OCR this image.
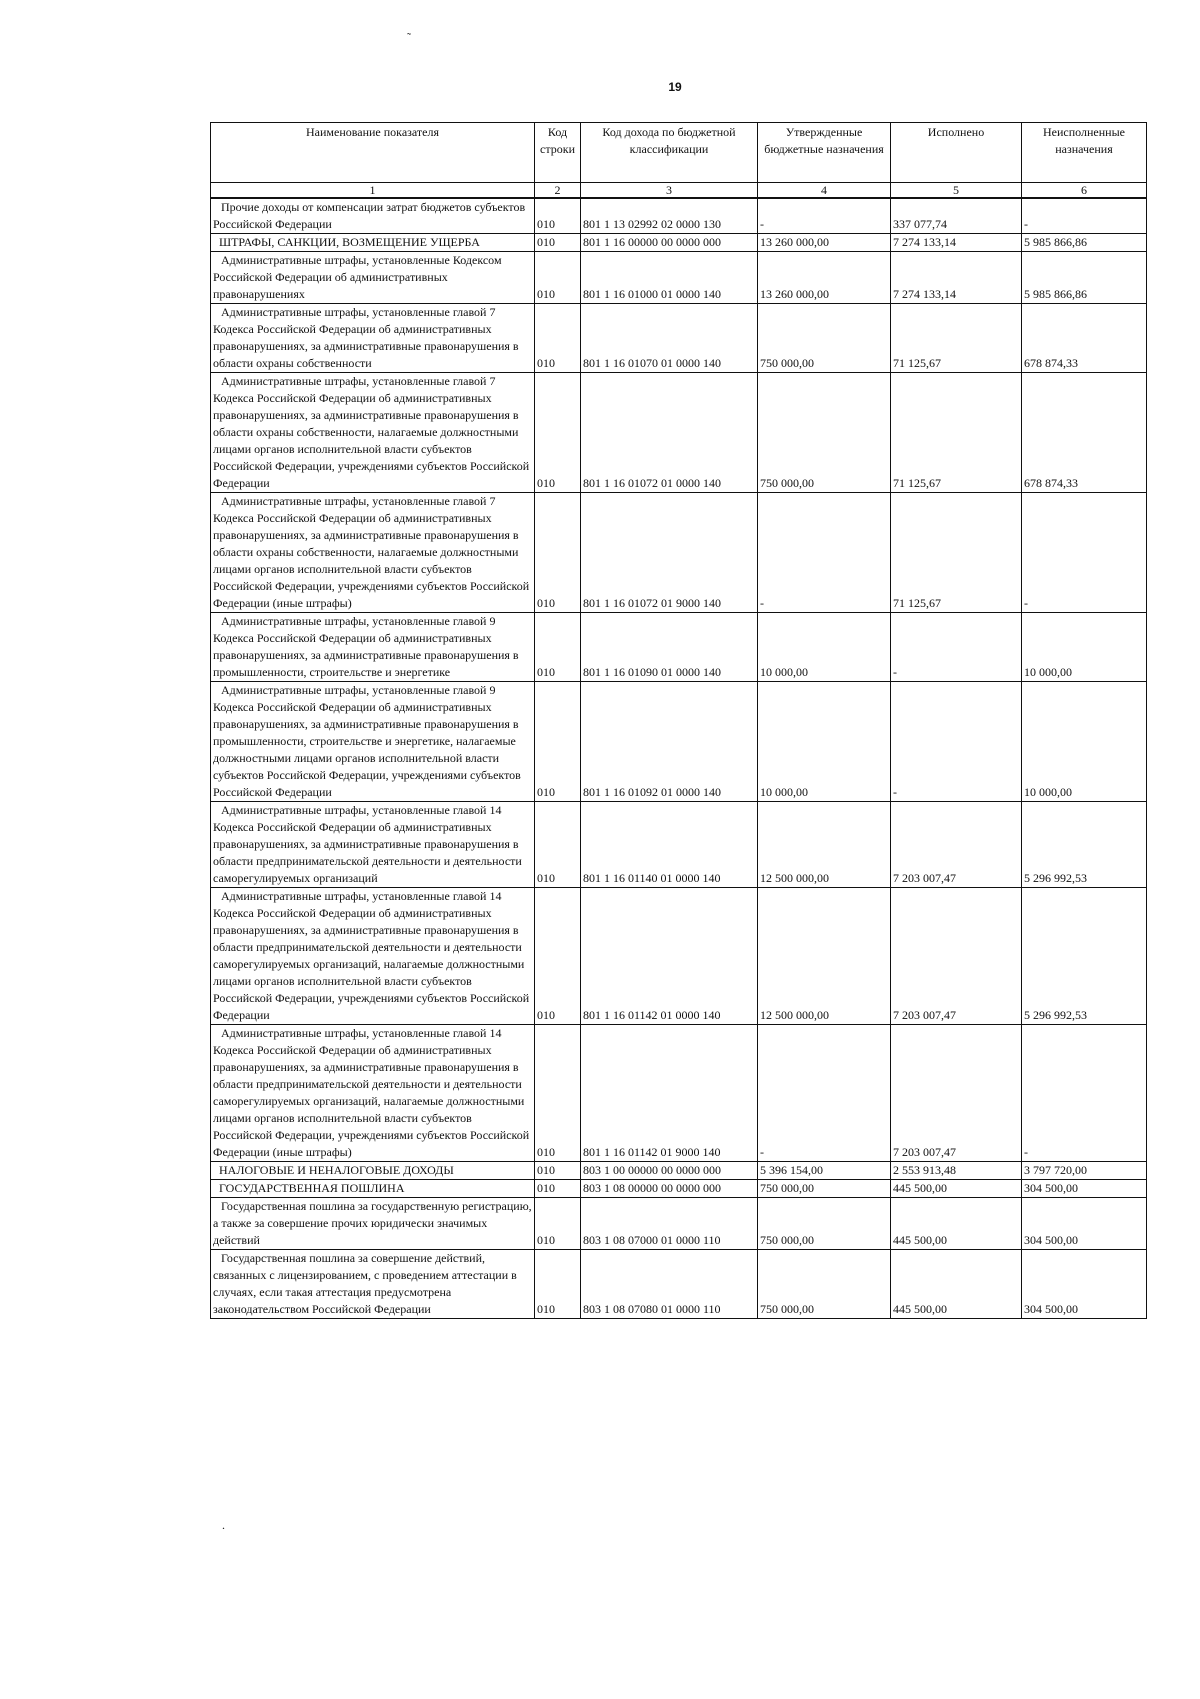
˜
19
Наименование показателя	Код строки	Код дохода по бюджетной классификации	Утвержденные бюджетные назначения	Исполнено	Неисполненные назначения
1	2	3	4	5	6
Прочие доходы от компенсации затрат бюджетов субъектов Российской Федерации	010	801 1 13 02992 02 0000 130	-	337 077,74	-
ШТРАФЫ, САНКЦИИ, ВОЗМЕЩЕНИЕ УЩЕРБА	010	801 1 16 00000 00 0000 000	13 260 000,00	7 274 133,14	5 985 866,86
Административные штрафы, установленные Кодексом Российской Федерации об административных правонарушениях	010	801 1 16 01000 01 0000 140	13 260 000,00	7 274 133,14	5 985 866,86
Административные штрафы, установленные главой 7 Кодекса Российской Федерации об административных правонарушениях, за административные правонарушения в области охраны собственности	010	801 1 16 01070 01 0000 140	750 000,00	71 125,67	678 874,33
Административные штрафы, установленные главой 7 Кодекса Российской Федерации об административных правонарушениях, за административные правонарушения в области охраны собственности, налагаемые должностными лицами органов исполнительной власти субъектов Российской Федерации, учреждениями субъектов Российской Федерации	010	801 1 16 01072 01 0000 140	750 000,00	71 125,67	678 874,33
Административные штрафы, установленные главой 7 Кодекса Российской Федерации об административных правонарушениях, за административные правонарушения в области охраны собственности, налагаемые должностными лицами органов исполнительной власти субъектов Российской Федерации, учреждениями субъектов Российской Федерации (иные штрафы)	010	801 1 16 01072 01 9000 140	-	71 125,67	-
Административные штрафы, установленные главой 9 Кодекса Российской Федерации об административных правонарушениях, за административные правонарушения в промышленности, строительстве и энергетике	010	801 1 16 01090 01 0000 140	10 000,00	-	10 000,00
Административные штрафы, установленные главой 9 Кодекса Российской Федерации об административных правонарушениях, за административные правонарушения в промышленности, строительстве и энергетике, налагаемые должностными лицами органов исполнительной власти субъектов Российской Федерации, учреждениями субъектов Российской Федерации	010	801 1 16 01092 01 0000 140	10 000,00	-	10 000,00
Административные штрафы, установленные главой 14 Кодекса Российской Федерации об административных правонарушениях, за административные правонарушения в области предпринимательской деятельности и деятельности саморегулируемых организаций	010	801 1 16 01140 01 0000 140	12 500 000,00	7 203 007,47	5 296 992,53
Административные штрафы, установленные главой 14 Кодекса Российской Федерации об административных правонарушениях, за административные правонарушения в области предпринимательской деятельности и деятельности саморегулируемых организаций, налагаемые должностными лицами органов исполнительной власти субъектов Российской Федерации, учреждениями субъектов Российской Федерации	010	801 1 16 01142 01 0000 140	12 500 000,00	7 203 007,47	5 296 992,53
Административные штрафы, установленные главой 14 Кодекса Российской Федерации об административных правонарушениях, за административные правонарушения в области предпринимательской деятельности и деятельности саморегулируемых организаций, налагаемые должностными лицами органов исполнительной власти субъектов Российской Федерации, учреждениями субъектов Российской Федерации (иные штрафы)	010	801 1 16 01142 01 9000 140	-	7 203 007,47	-
НАЛОГОВЫЕ И НЕНАЛОГОВЫЕ ДОХОДЫ	010	803 1 00 00000 00 0000 000	5 396 154,00	2 553 913,48	3 797 720,00
ГОСУДАРСТВЕННАЯ ПОШЛИНА	010	803 1 08 00000 00 0000 000	750 000,00	445 500,00	304 500,00
Государственная пошлина за государственную регистрацию, а также за совершение прочих юридически значимых действий	010	803 1 08 07000 01 0000 110	750 000,00	445 500,00	304 500,00
Государственная пошлина за совершение действий, связанных с лицензированием, с проведением аттестации в случаях, если такая аттестация предусмотрена законодательством Российской Федерации	010	803 1 08 07080 01 0000 110	750 000,00	445 500,00	304 500,00
.
